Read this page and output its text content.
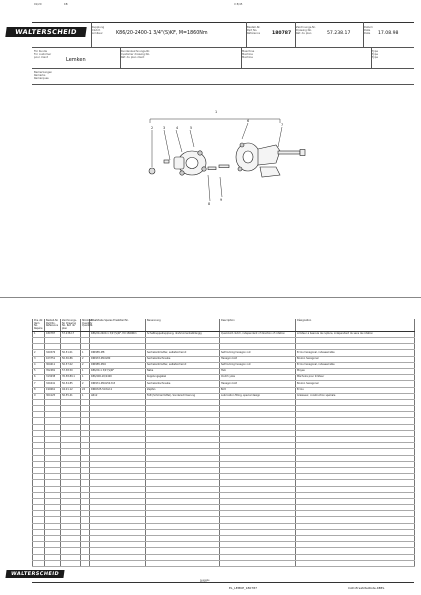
01/20	KB	X 8/45
WALTERSCHEID
Kupplung
Clutch
Limiteur	K86/20-2400-1 3/4"(S)KF, M=1860Nm
Bestell-Nr.
Part No.
Référence	180787
Zeichnungs-Nr.
Drawing No.
Réf. du plan	57.238.17
Datum
Date
Date	17.08.98
Für Kunde
For customer
pour client	Lemken
Kundenzeichnungs-Nr.
Customer drawing No.
Réf. du plan client
Maschine
Machine
Machine
Type
Type
Type
Bemerkungen
Remarks
Remarques
1
2	3	4	5
6
7
8
9
Pos.-Nr. Item No. Repère	Bestell-Nr. Part No. Référence	Zeichnungs-Nr. Drawing No. Réf. du plan	Stückzahl Quantity Quantité	Ersatzteile Spares Ersatzteil Nr.	Benennung	Description	Désignation
1	180787	57.238.17		K86/20-2400-1 3/4"(S)KF, M=1860Nm	Schaltkuppelkupplung, drehmomentabhängig	Quad-bolt clutch, independent of direction of rotation	Limiteur à bascule de rupture, indépendant du sens de rotation

2	324576	50.51.01	1	DIN985-M8	Sechskantmutter, selbstsichernd	Self-locking hexagon nut	Ecrou hexagonal, indesserrable
3	103751	50.36.86	2	DIN933-M10x80	Sechskantschraube	Hexagon bolt	Boulon hexagonal
4	304611	50.57.02	2	DIN985-M16	Sechskantmutter, selbstsichernd	Self-locking hexagon nut	Ecrou hexagonal, indesserrable
5	352481	57.38.50	1	K86/20-1 3/4"(S)KF	Nabe	Hub	Moyeu
6	313638	35.58.89.1	1	K86/400-20/2400	Kupplungsgabel	Clutch yoke	Mâchoire pour limiteur
7	320441	50.54.85	2	DIN931-M16x50-8.8	Sechskantschraube	Hexagon bolt	Boulon hexagonal
8	190661	04.01.12	24	DIN6325-5m6x11	Zapfen	Bolt	Ecrou
9	304125	50.55.41	1	AR12	Fett (Schmiermittel), Sonderschmierung	Lubrication filling, special design	Graisseur, construction spéciale

WALTERSCHEID
Ausgabe
Stand
EL_LEMKE_180787	CAD-Ersatzteilliste-KBEL
